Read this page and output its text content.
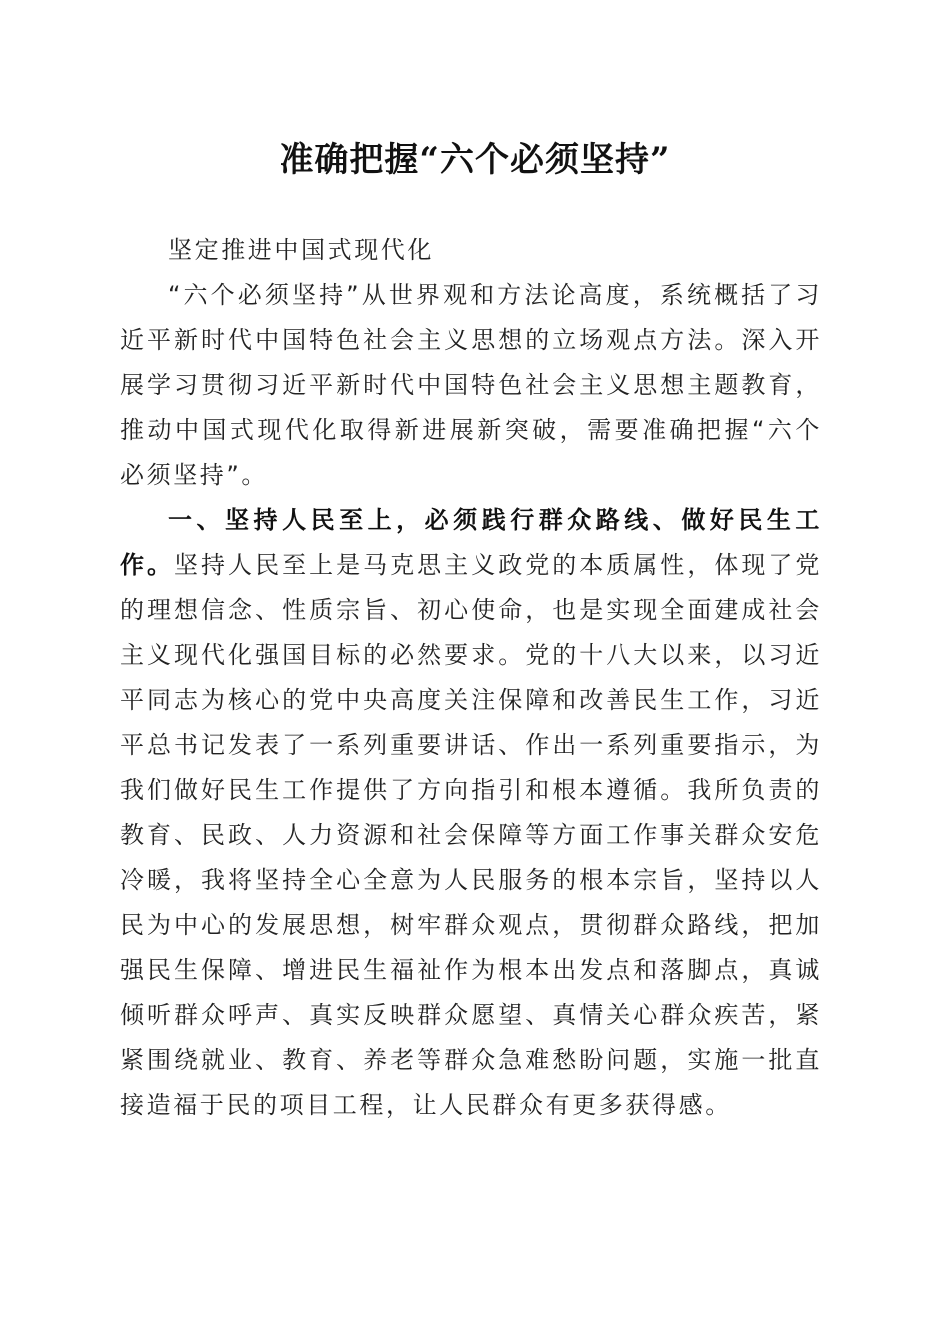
准确把握“六个必须坚持”

坚定推进中国式现代化

“六个必须坚持”从世界观和方法论高度，系统概括了习近平新时代中国特色社会主义思想的立场观点方法。深入开展学习贯彻习近平新时代中国特色社会主义思想主题教育，推动中国式现代化取得新进展新突破，需要准确把握“六个必须坚持”。

一、坚持人民至上，必须践行群众路线、做好民生工作。坚持人民至上是马克思主义政党的本质属性，体现了党的理想信念、性质宗旨、初心使命，也是实现全面建成社会主义现代化强国目标的必然要求。党的十八大以来，以习近平同志为核心的党中央高度关注保障和改善民生工作，习近平总书记发表了一系列重要讲话、作出一系列重要指示，为我们做好民生工作提供了方向指引和根本遵循。我所负责的教育、民政、人力资源和社会保障等方面工作事关群众安危冷暖，我将坚持全心全意为人民服务的根本宗旨，坚持以人民为中心的发展思想，树牢群众观点，贯彻群众路线，把加强民生保障、增进民生福祉作为根本出发点和落脚点，真诚倾听群众呼声、真实反映群众愿望、真情关心群众疾苦，紧紧围绕就业、教育、养老等群众急难愁盼问题，实施一批直接造福于民的项目工程，让人民群众有更多获得感。
